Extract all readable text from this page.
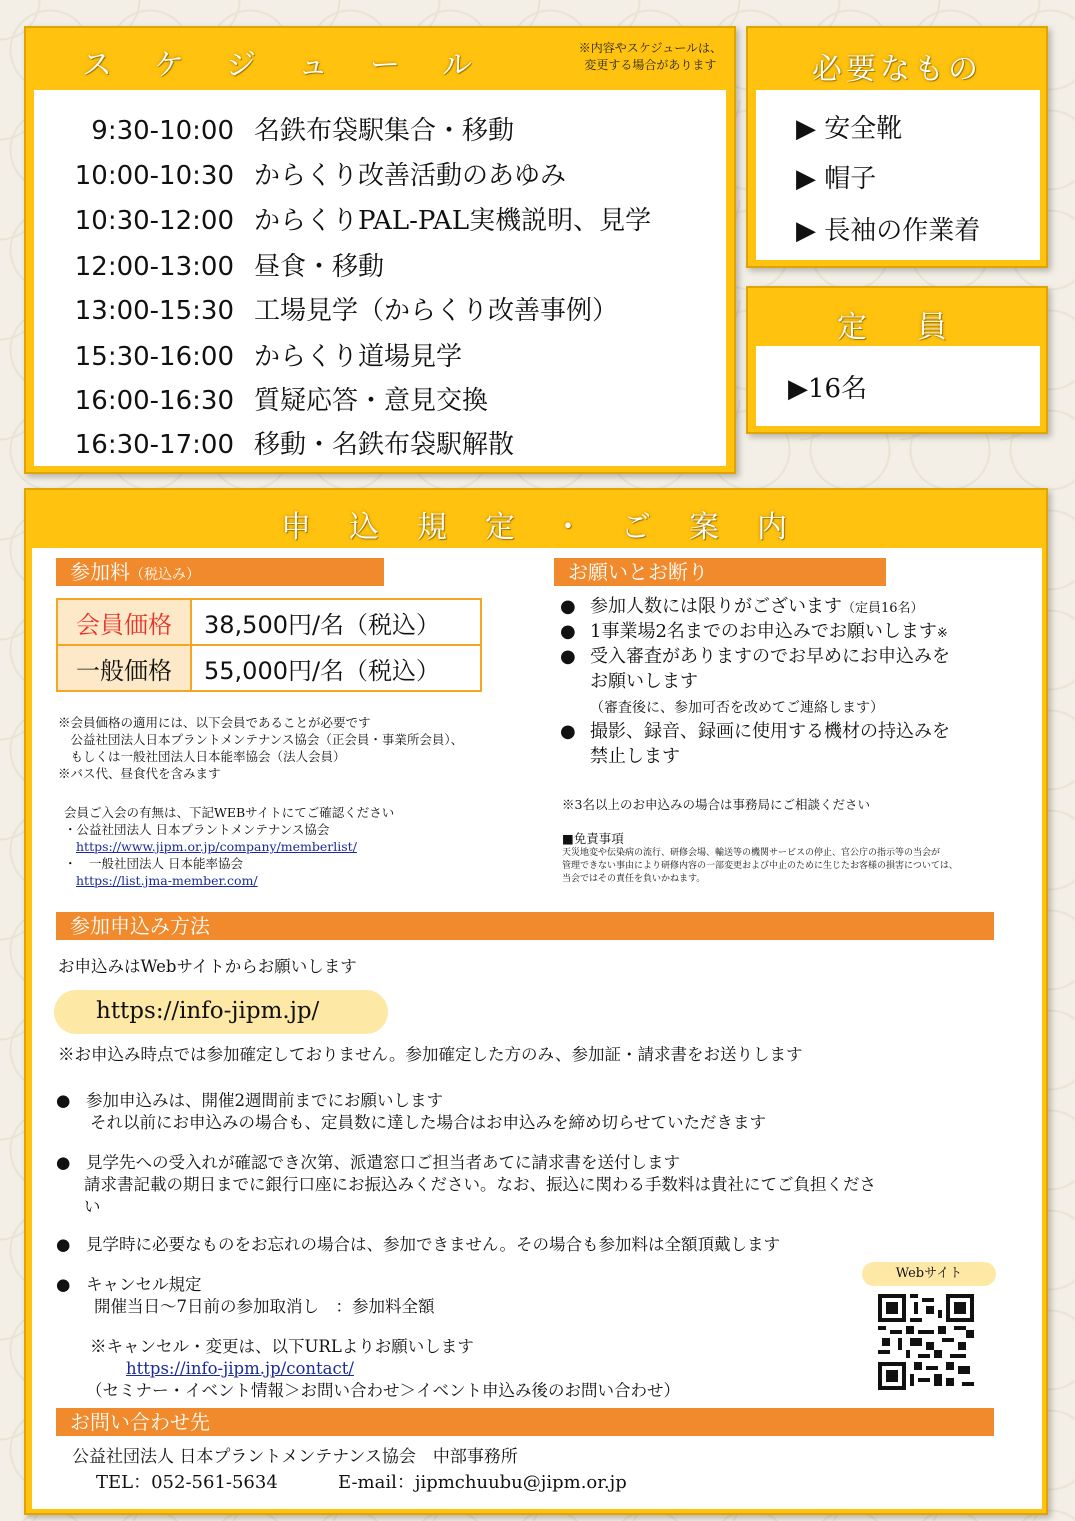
ス　ケ　ジ　ュ　ー　ル	※内容やスケジュールは、
変更する場合があります
9:30-10:00 名鉄布袋駅集合・移動
10:00-10:30 からくり改善活動のあゆみ
10:30-12:00 からくりPAL-PAL実機説明、見学
12:00-13:00 昼食・移動
13:00-15:30 工場見学（からくり改善事例）
15:30-16:00 からくり道場見学
16:00-16:30 質疑応答・意見交換
16:30-17:00 移動・名鉄布袋駅解散
必要なもの
▶ 安全靴
▶ 帽子
▶ 長袖の作業着
定　員
▶16名
申　込　規　定　・　ご　案　内
参加料（税込み）
会員価格	38,500円/名（税込）
一般価格	55,000円/名（税込）
※会員価格の適用には、以下会員であることが必要です
　公益社団法人日本プラントメンテナンス協会（正会員・事業所会員）、
　もしくは一般社団法人日本能率協会（法人会員）
※バス代、昼食代を含みます
会員ご入会の有無は、下記WEBサイトにてご確認ください
・公益社団法人 日本プラントメンテナンス協会
https://www.jipm.or.jp/company/memberlist/
・　一般社団法人 日本能率協会
https://list.jma-member.com/
お願いとお断り
● 参加人数には限りがございます（定員16名）
● 1事業場2名までのお申込みでお願いします※
● 受入審査がありますのでお早めにお申込みを
お願いします
（審査後に、参加可否を改めてご連絡します）
● 撮影、録音、録画に使用する機材の持込みを
禁止します
※3名以上のお申込みの場合は事務局にご相談ください
■免責事項
天災地変や伝染病の流行、研修会場、輸送等の機関サービスの停止、官公庁の指示等の当会が
管理できない事由により研修内容の一部変更および中止のために生じたお客様の損害については、
当会ではその責任を負いかねます。
参加申込み方法
お申込みはWebサイトからお願いします
https://info-jipm.jp/
※お申込み時点では参加確定しておりません。参加確定した方のみ、参加証・請求書をお送りします
● 参加申込みは、開催2週間前までにお願いします
それ以前にお申込みの場合も、定員数に達した場合はお申込みを締め切らせていただきます
● 見学先への受入れが確認でき次第、派遣窓口ご担当者あてに請求書を送付します
請求書記載の期日までに銀行口座にお振込みください。なお、振込に関わる手数料は貴社にてご負担くださ
い
● 見学時に必要なものをお忘れの場合は、参加できません。その場合も参加料は全額頂戴します
● キャンセル規定
開催当日～7日前の参加取消し　：参加料全額
※キャンセル・変更は、以下URLよりお願いします
https://info-jipm.jp/contact/
（セミナー・イベント情報＞お問い合わせ＞イベント申込み後のお問い合わせ）
Webサイト
お問い合わせ先
公益社団法人 日本プラントメンテナンス協会　中部事務所
TEL：052-561-5634	E-mail：jipmchuubu@jipm.or.jp
